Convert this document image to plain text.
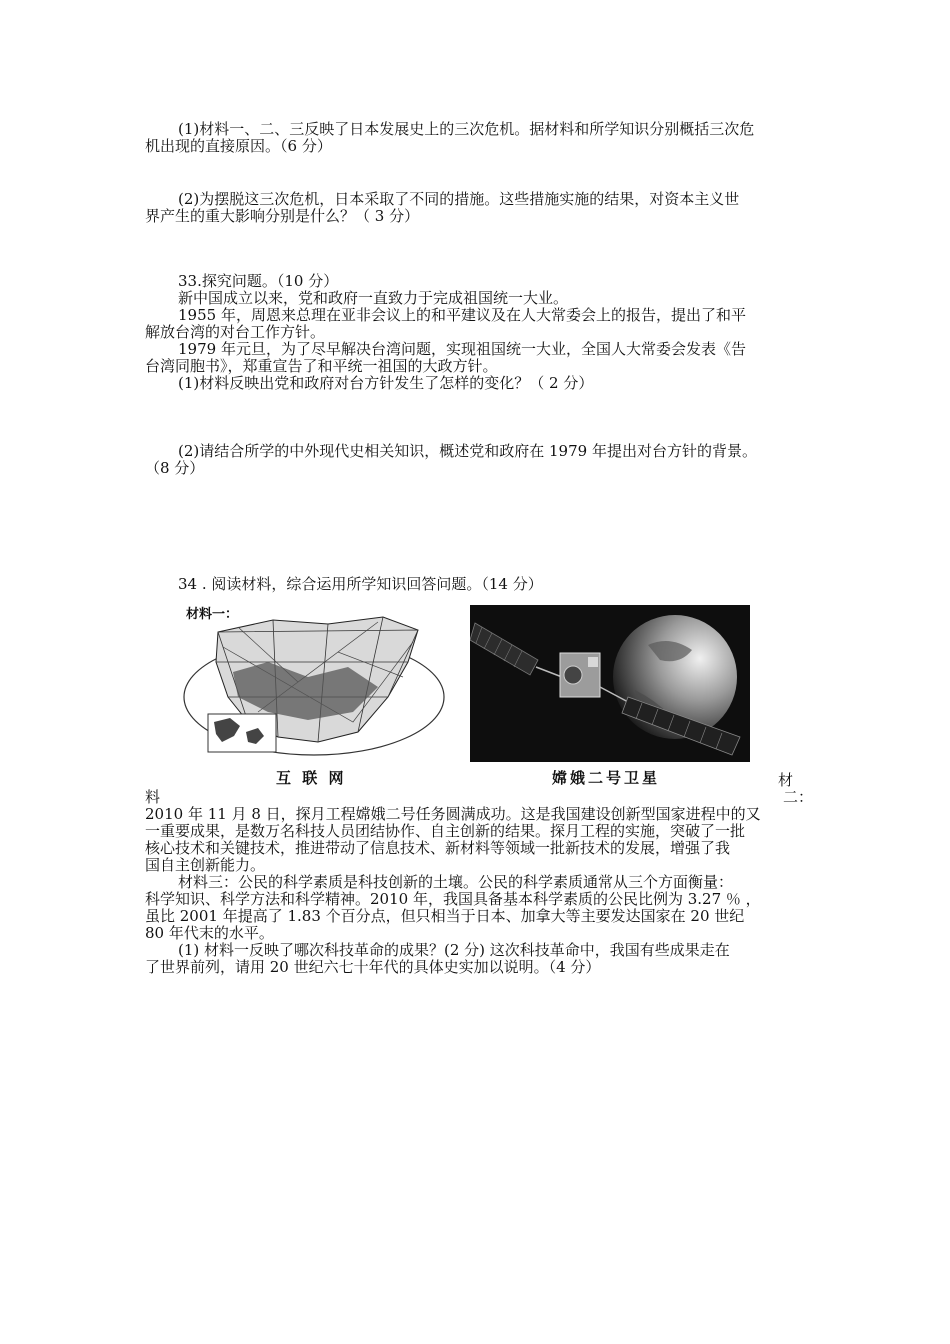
(1)材料一、二、三反映了日本发展史上的三次危机。据材料和所学知识分别概括三次危
机出现的直接原因。（6 分）
(2)为摆脱这三次危机，日本采取了不同的措施。这些措施实施的结果，对资本主义世
界产生的重大影响分别是什么？（ 3 分）
33.探究问题。（10 分）
新中国成立以来，党和政府一直致力于完成祖国统一大业。
1955 年，周恩来总理在亚非会议上的和平建议及在人大常委会上的报告，提出了和平
解放台湾的对台工作方针。
1979 年元旦，为了尽早解决台湾问题，实现祖国统一大业，全国人大常委会发表《告
台湾同胞书》，郑重宣告了和平统一祖国的大政方针。
(1)材料反映出党和政府对台方针发生了怎样的变化？（ 2 分）
(2)请结合所学的中外现代史相关知识，概述党和政府在 1979 年提出对台方针的背景。
（8 分）
34 . 阅读材料，综合运用所学知识回答问题。（14 分）
材料一：
互 联 网	嫦娥二号卫星	材
料	二：
2010 年 11 月 8 日，探月工程嫦娥二号任务圆满成功。这是我国建设创新型国家进程中的又
一重要成果，是数万名科技人员团结协作、自主创新的结果。探月工程的实施，突破了一批
核心技术和关键技术，推进带动了信息技术、新材料等领域一批新技术的发展，增强了我
国自主创新能力。
材料三：公民的科学素质是科技创新的土壤。公民的科学素质通常从三个方面衡量：
科学知识、科学方法和科学精神。2010 年，我国具备基本科学素质的公民比例为 3.27 ％ ，
虽比 2001 年提高了 1.83 个百分点，但只相当于日本、加拿大等主要发达国家在 20 世纪
80 年代末的水平。
(1) 材料一反映了哪次科技革命的成果？(2 分) 这次科技革命中，我国有些成果走在
了世界前列，请用 20 世纪六七十年代的具体史实加以说明。（4 分）
